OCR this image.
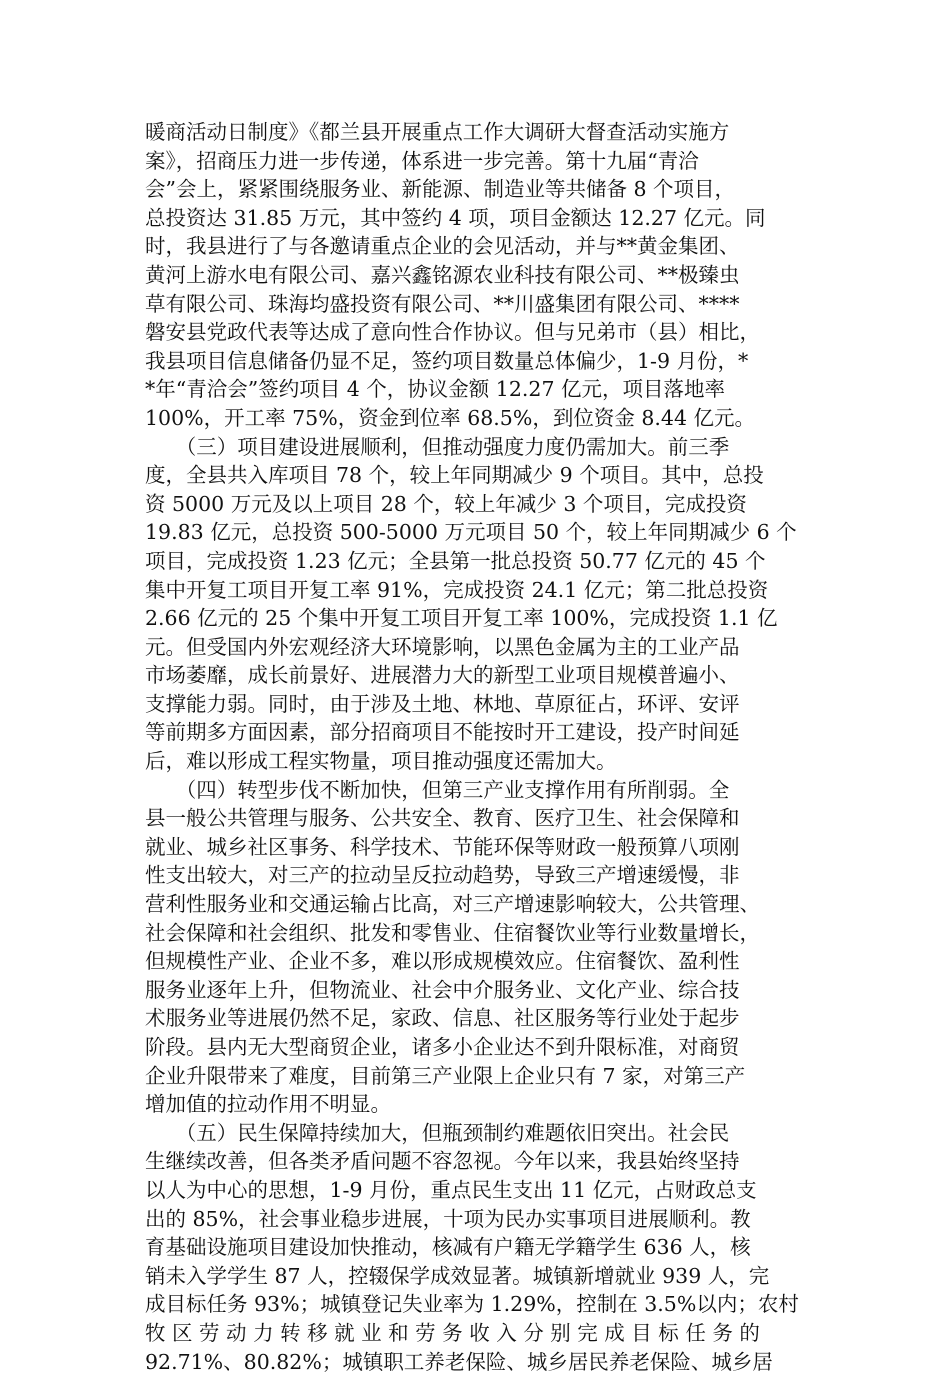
暖商活动日制度》《都兰县开展重点工作大调研大督查活动实施方
案》，招商压力进一步传递，体系进一步完善。第十九届“青洽
会”会上，紧紧围绕服务业、新能源、制造业等共储备 8 个项目，
总投资达 31.85 万元，其中签约 4 项，项目金额达 12.27 亿元。同
时，我县进行了与各邀请重点企业的会见活动，并与**黄金集团、
黄河上游水电有限公司、嘉兴鑫铭源农业科技有限公司、**极臻虫
草有限公司、珠海均盛投资有限公司、**川盛集团有限公司、****
磐安县党政代表等达成了意向性合作协议。但与兄弟市（县）相比，
我县项目信息储备仍显不足，签约项目数量总体偏少，1-9 月份，*
*年“青洽会”签约项目 4 个，协议金额 12.27 亿元，项目落地率
100%，开工率 75%，资金到位率 68.5%，到位资金 8.44 亿元。
　　（三）项目建设进展顺利，但推动强度力度仍需加大。前三季
度，全县共入库项目 78 个，较上年同期减少 9 个项目。其中，总投
资 5000 万元及以上项目 28 个，较上年减少 3 个项目，完成投资
19.83 亿元，总投资 500-5000 万元项目 50 个，较上年同期减少 6 个
项目，完成投资 1.23 亿元；全县第一批总投资 50.77 亿元的 45 个
集中开复工项目开复工率 91%，完成投资 24.1 亿元；第二批总投资
2.66 亿元的 25 个集中开复工项目开复工率 100%，完成投资 1.1 亿
元。但受国内外宏观经济大环境影响，以黑色金属为主的工业产品
市场萎靡，成长前景好、进展潜力大的新型工业项目规模普遍小、
支撑能力弱。同时，由于涉及土地、林地、草原征占，环评、安评
等前期多方面因素，部分招商项目不能按时开工建设，投产时间延
后，难以形成工程实物量，项目推动强度还需加大。
　　（四）转型步伐不断加快，但第三产业支撑作用有所削弱。全
县一般公共管理与服务、公共安全、教育、医疗卫生、社会保障和
就业、城乡社区事务、科学技术、节能环保等财政一般预算八项刚
性支出较大，对三产的拉动呈反拉动趋势，导致三产增速缓慢，非
营利性服务业和交通运输占比高，对三产增速影响较大，公共管理、
社会保障和社会组织、批发和零售业、住宿餐饮业等行业数量增长，
但规模性产业、企业不多，难以形成规模效应。住宿餐饮、盈利性
服务业逐年上升，但物流业、社会中介服务业、文化产业、综合技
术服务业等进展仍然不足，家政、信息、社区服务等行业处于起步
阶段。县内无大型商贸企业，诸多小企业达不到升限标准，对商贸
企业升限带来了难度，目前第三产业限上企业只有 7 家，对第三产
增加值的拉动作用不明显。
　　（五）民生保障持续加大，但瓶颈制约难题依旧突出。社会民
生继续改善，但各类矛盾问题不容忽视。今年以来，我县始终坚持
以人为中心的思想，1-9 月份，重点民生支出 11 亿元，占财政总支
出的 85%，社会事业稳步进展，十项为民办实事项目进展顺利。教
育基础设施项目建设加快推动，核减有户籍无学籍学生 636 人，核
销未入学学生 87 人，控辍保学成效显著。城镇新增就业 939 人，完
成目标任务 93%；城镇登记失业率为 1.29%，控制在 3.5%以内；农村
牧 区 劳 动 力 转 移 就 业 和 劳 务 收 入 分 别 完 成 目 标 任 务 的
92.71%、80.82%；城镇职工养老保险、城乡居民养老保险、城乡居
